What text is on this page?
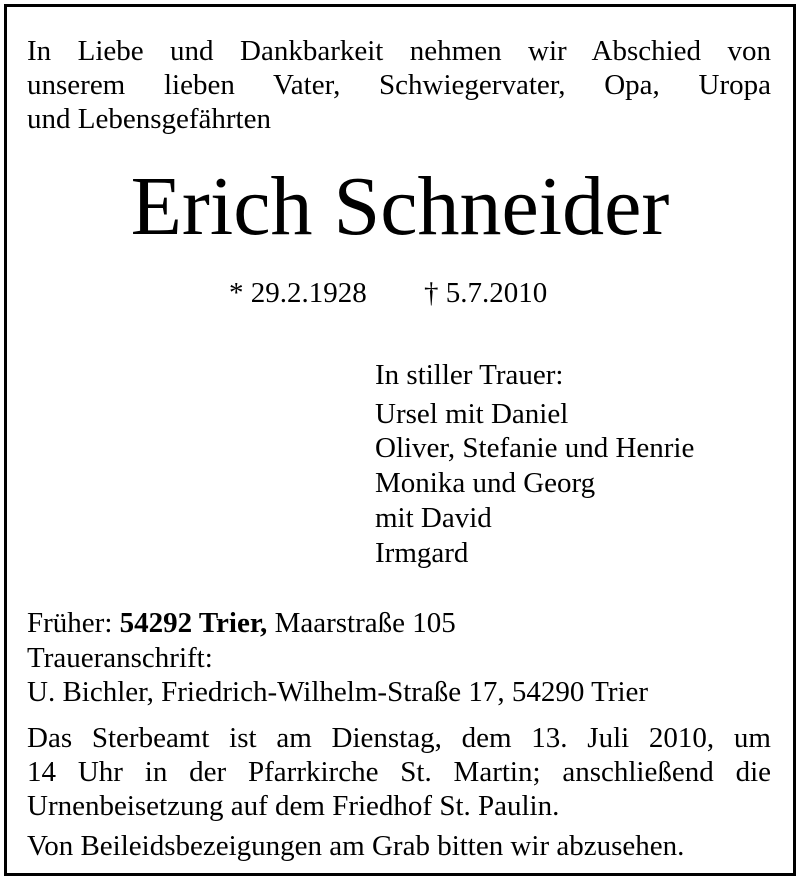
In Liebe und Dankbarkeit nehmen wir Abschied von

unserem lieben Vater, Schwiegervater, Opa, Uropa

und Lebensgefährten

Erich Schneider

* 29.2.1928 † 5.7.2010

In stiller Trauer:

Ursel mit Daniel

Oliver, Stefanie und Henrie

Monika und Georg

mit David

Irmgard

Früher: 54292 Trier, Maarstraße 105

Traueranschrift:

U. Bichler, Friedrich-Wilhelm-Straße 17, 54290 Trier

Das Sterbeamt ist am Dienstag, dem 13. Juli 2010, um

14 Uhr in der Pfarrkirche St. Martin; anschließend die

Urnenbeisetzung auf dem Friedhof St. Paulin.

Von Beileidsbezeigungen am Grab bitten wir abzusehen.
